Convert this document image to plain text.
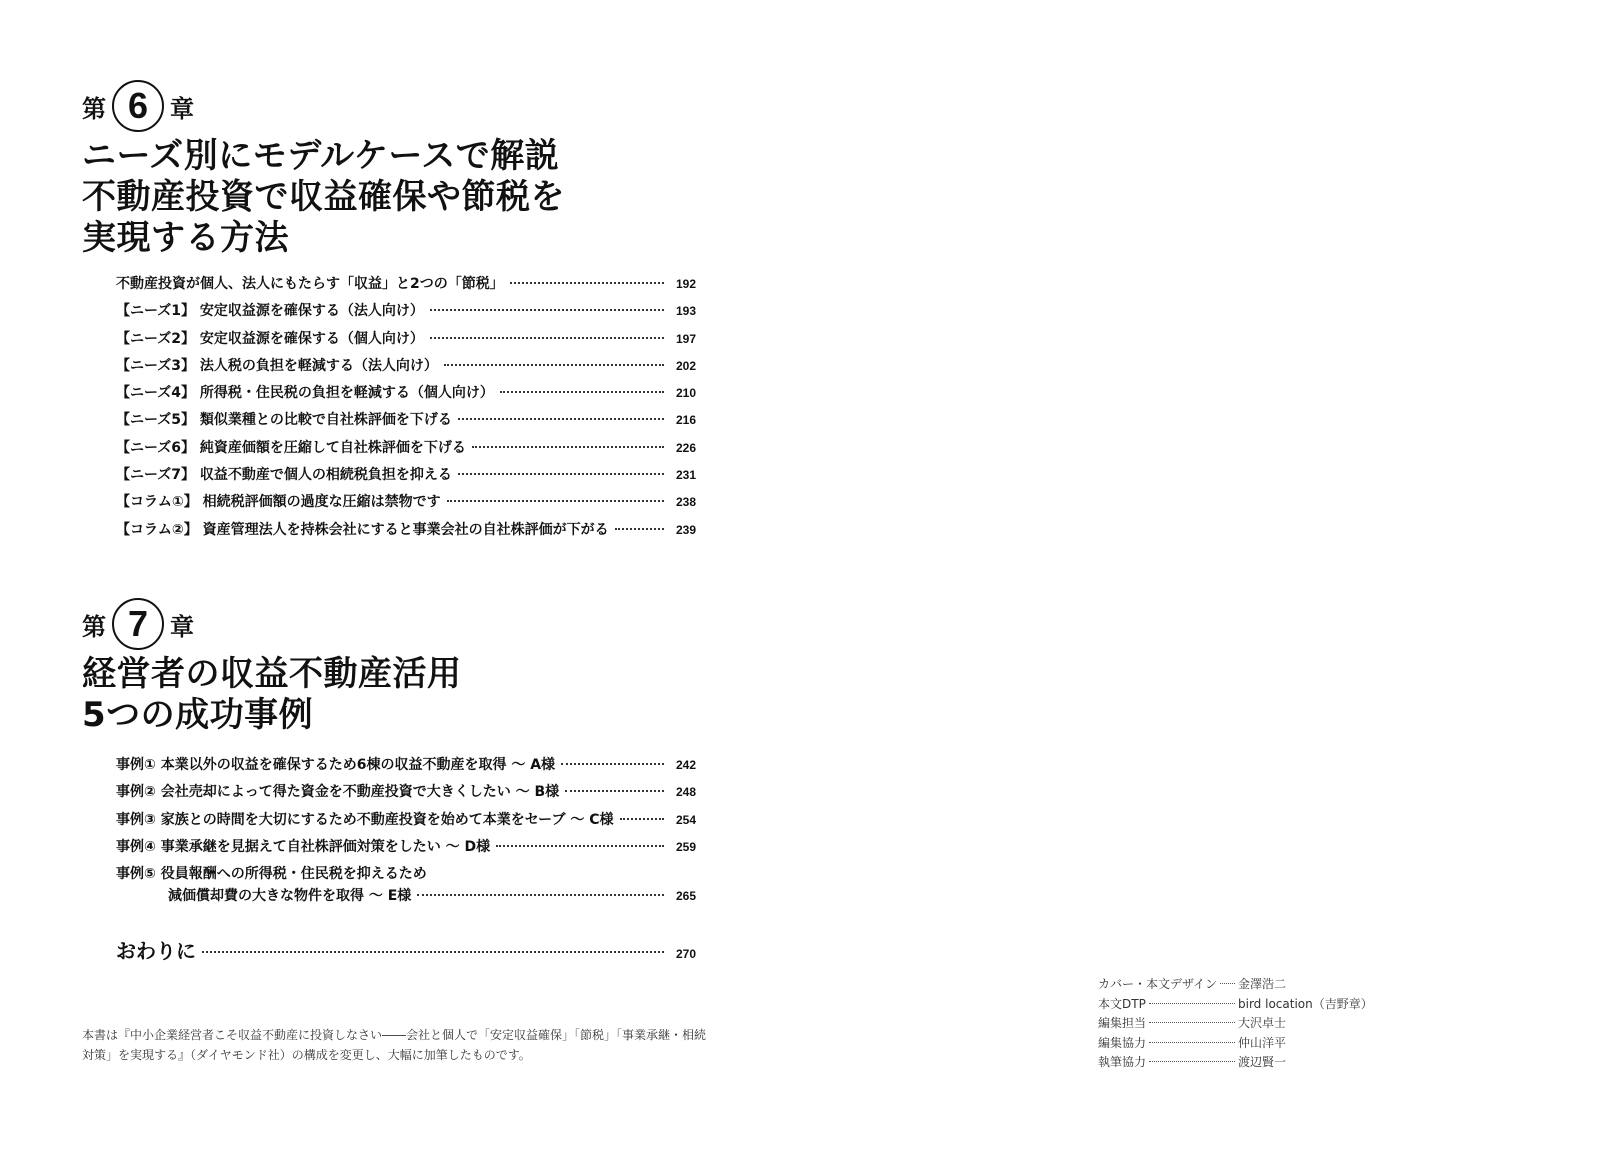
第 6 章
ニーズ別にモデルケースで解説
不動産投資で収益確保や節税を
実現する方法
不動産投資が個人、法人にもたらす「収益」と2つの「節税」	192
【ニーズ1】 安定収益源を確保する（法人向け）	193
【ニーズ2】 安定収益源を確保する（個人向け）	197
【ニーズ3】 法人税の負担を軽減する（法人向け）	202
【ニーズ4】 所得税・住民税の負担を軽減する（個人向け）	210
【ニーズ5】 類似業種との比較で自社株評価を下げる	216
【ニーズ6】 純資産価額を圧縮して自社株評価を下げる	226
【ニーズ7】 収益不動産で個人の相続税負担を抑える	231
【コラム①】 相続税評価額の過度な圧縮は禁物です	238
【コラム②】 資産管理法人を持株会社にすると事業会社の自社株評価が下がる	239
第 7 章
経営者の収益不動産活用
5つの成功事例
事例① 本業以外の収益を確保するため6棟の収益不動産を取得 ～ A様	242
事例② 会社売却によって得た資金を不動産投資で大きくしたい ～ B様	248
事例③ 家族との時間を大切にするため不動産投資を始めて本業をセーブ ～ C様	254
事例④ 事業承継を見据えて自社株評価対策をしたい ～ D様	259
事例⑤ 役員報酬への所得税・住民税を抑えるため
減価償却費の大きな物件を取得 ～ E様	265
おわりに	270
本書は『中小企業経営者こそ収益不動産に投資しなさい――会社と個人で「安定収益確保」「節税」「事業承継・相続
対策」を実現する』（ダイヤモンド社）の構成を変更し、大幅に加筆したものです。
カバー・本文デザイン 金澤浩二
本文DTP	bird location（吉野章）
編集担当	大沢卓士
編集協力	仲山洋平
執筆協力	渡辺賢一
